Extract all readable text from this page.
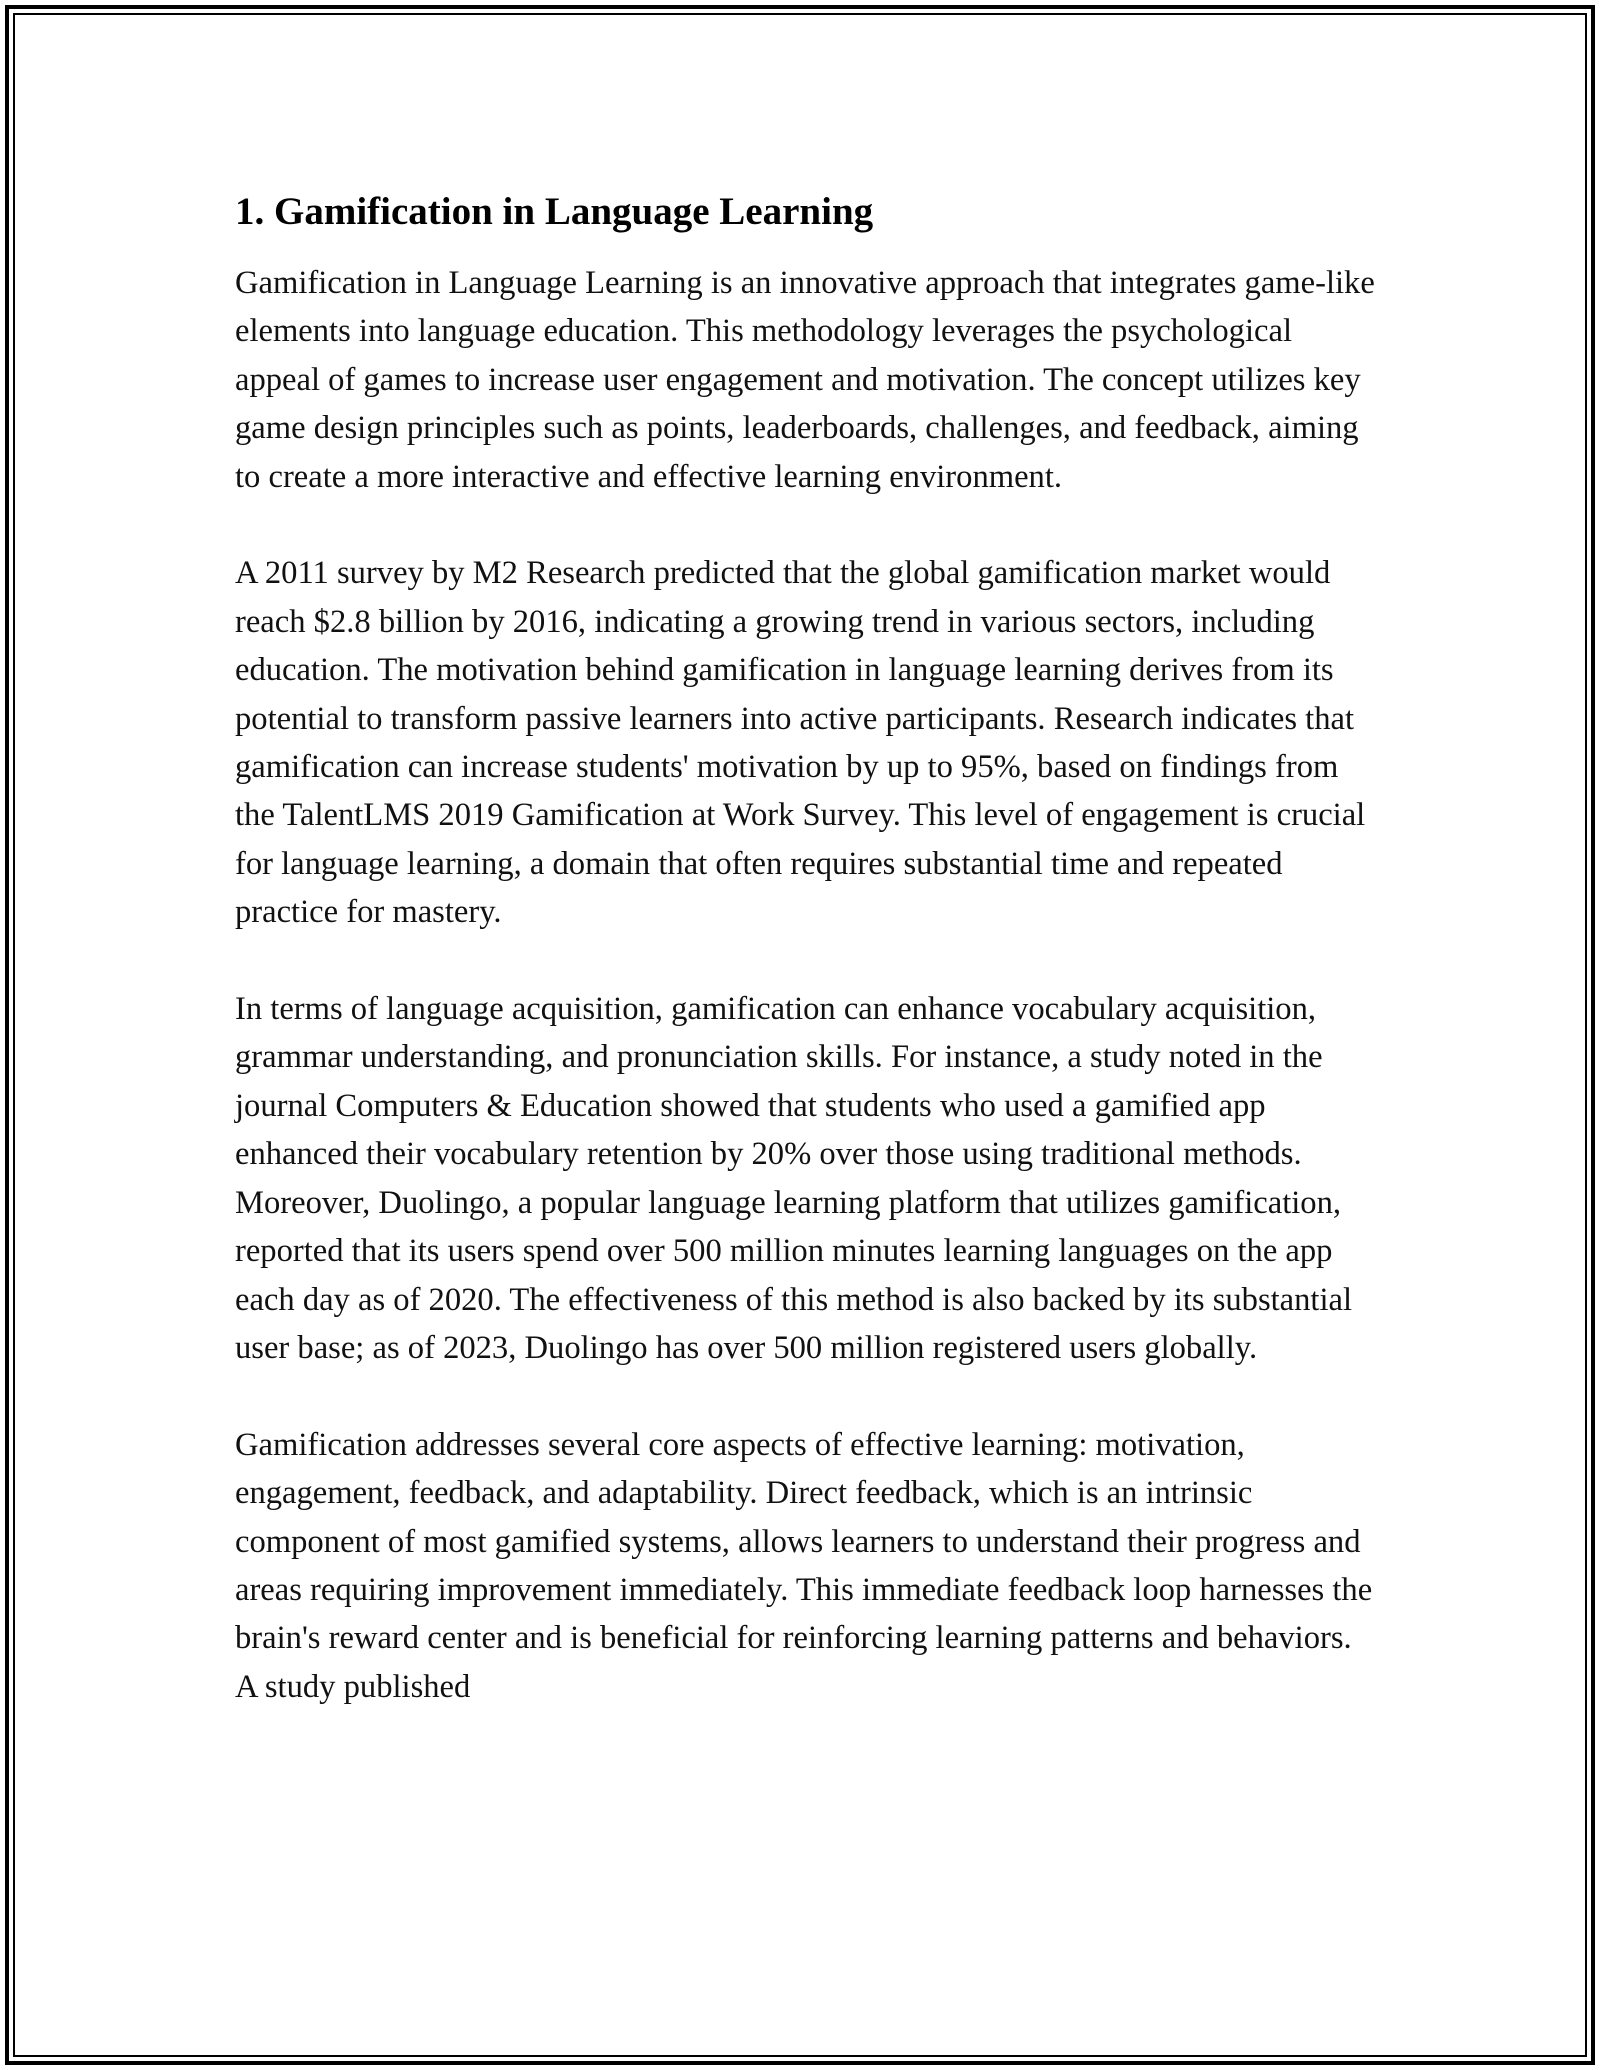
1. Gamification in Language Learning

Gamification in Language Learning is an innovative approach that integrates game-like elements into language education. This methodology leverages the psychological appeal of games to increase user engagement and motivation. The concept utilizes key game design principles such as points, leaderboards, challenges, and feedback, aiming to create a more interactive and effective learning environment.

A 2011 survey by M2 Research predicted that the global gamification market would reach $2.8 billion by 2016, indicating a growing trend in various sectors, including education. The motivation behind gamification in language learning derives from its potential to transform passive learners into active participants. Research indicates that gamification can increase students' motivation by up to 95%, based on findings from the TalentLMS 2019 Gamification at Work Survey. This level of engagement is crucial for language learning, a domain that often requires substantial time and repeated practice for mastery.

In terms of language acquisition, gamification can enhance vocabulary acquisition, grammar understanding, and pronunciation skills. For instance, a study noted in the journal Computers & Education showed that students who used a gamified app enhanced their vocabulary retention by 20% over those using traditional methods. Moreover, Duolingo, a popular language learning platform that utilizes gamification, reported that its users spend over 500 million minutes learning languages on the app each day as of 2020. The effectiveness of this method is also backed by its substantial user base; as of 2023, Duolingo has over 500 million registered users globally.

Gamification addresses several core aspects of effective learning: motivation, engagement, feedback, and adaptability. Direct feedback, which is an intrinsic component of most gamified systems, allows learners to understand their progress and areas requiring improvement immediately. This immediate feedback loop harnesses the brain's reward center and is beneficial for reinforcing learning patterns and behaviors. A study published
